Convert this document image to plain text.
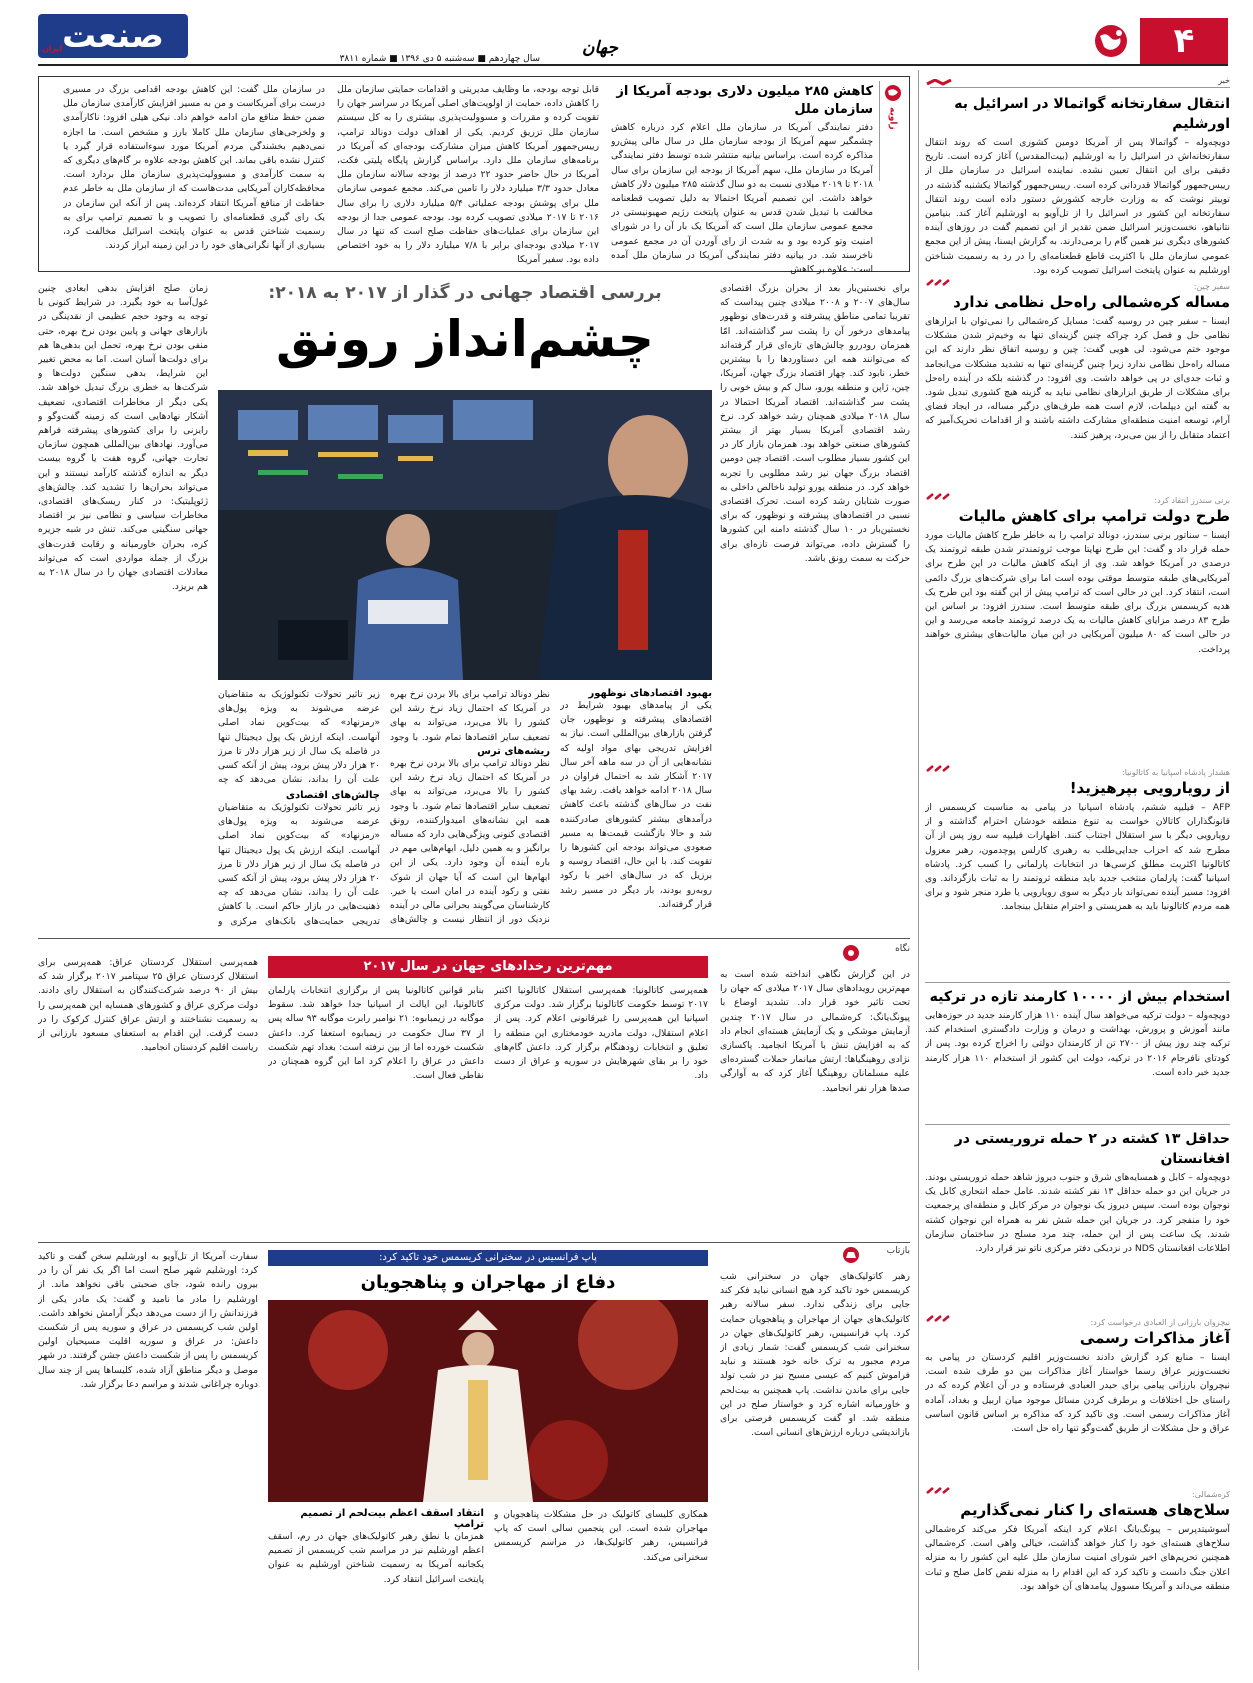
۴
جهان
صنعت
ایران
سال چهاردهم ■ سه‌شنبه ۵ دی ۱۳۹۶ ■ شماره ۳۸۱۱
خبر
انتقال سفارتخانه گواتمالا در اسرائیل به اورشلیم
دویچه‌وله – گواتمالا پس از آمریکا دومین کشوری است که روند انتقال سفارتخانه‌اش در اسرائیل را به اورشلیم (بیت‌المقدس) آغاز کرده است. تاریخ دقیقی برای این انتقال تعیین نشده. نماینده اسرائیل در سازمان ملل از رییس‌جمهور گواتمالا قدردانی کرده است. رییس‌جمهور گواتمالا یکشنبه گذشته در توییتر نوشت که به وزارت خارجه کشورش دستور داده است روند انتقال سفارتخانه این کشور در اسرائیل را از تل‌آویو به اورشلیم آغاز کند. بنیامین نتانیاهو، نخست‌وزیر اسرائیل ضمن تقدیر از این تصمیم گفت در روزهای آینده کشورهای دیگری نیز همین گام را برمی‌دارند. به گزارش ایسنا، پیش از این مجمع عمومی سازمان ملل با اکثریت قاطع قطعنامه‌ای را در رد به رسمیت شناختن اورشلیم به عنوان پایتخت اسرائیل تصویب کرده بود.
سفیر چین:
مساله کره‌شمالی راه‌حل نظامی ندارد
ایسنا – سفیر چین در روسیه گفت: مسایل کره‌شمالی را نمی‌توان با ابزارهای نظامی حل و فصل کرد چراکه چنین گزینه‌ای تنها به وخیم‌تر شدن مشکلات موجود ختم می‌شود. لی هویی گفت: چین و روسیه اتفاق نظر دارند که این مساله راه‌حل نظامی ندارد زیرا چنین گزینه‌ای تنها به تشدید مشکلات می‌انجامد و ثبات جدی‌ای در پی خواهد داشت. وی افزود: در گذشته بلکه در آینده راه‌حل برای مشکلات از طریق ابزارهای نظامی نباید به گزینه هیچ کشوری تبدیل شود. به گفته این دیپلمات، لازم است همه طرف‌های درگیر مساله، در ایجاد فضای آرام، توسعه امنیت منطقه‌ای مشارکت داشته باشند و از اقدامات تحریک‌آمیز که اعتماد متقابل را از بین می‌برد، پرهیز کنند.
برنی سندرز انتقاد کرد:
طرح دولت ترامپ برای کاهش مالیات
ایسنا – سناتور برنی سندرز، دونالد ترامپ را به خاطر طرح کاهش مالیات مورد حمله قرار داد و گفت: این طرح نهایتا موجب ثروتمندتر شدن طبقه ثروتمند یک درصدی در آمریکا خواهد شد. وی از اینکه کاهش مالیات در این طرح برای آمریکایی‌های طبقه متوسط موقتی بوده است اما برای شرکت‌های بزرگ دائمی است، انتقاد کرد. این در حالی است که ترامپ پیش از این گفته بود این طرح یک هدیه کریسمس بزرگ برای طبقه متوسط است. سندرز افزود: بر اساس این طرح ۸۳ درصد مزایای کاهش مالیات به یک درصد ثروتمند جامعه می‌رسد و این در حالی است که ۸۰ میلیون آمریکایی در این میان مالیات‌های بیشتری خواهند پرداخت.
هشدار پادشاه اسپانیا به کاتالونیا:
از رویارویی بپرهیزید!
AFP – فیلیپه ششم، پادشاه اسپانیا در پیامی به مناسبت کریسمس از قانونگذاران کاتالان خواست به تنوع منطقه خودشان احترام گذاشته و از رویارویی دیگر با سرِ استقلال اجتناب کنند. اظهارات فیلیپه سه روز پس از آن مطرح شد که احزاب جدایی‌طلب به رهبری کارلس پوچدمون، رهبر معزول کاتالونیا اکثریت مطلق کرسی‌ها در انتخابات پارلمانی را کسب کرد. پادشاه اسپانیا گفت: پارلمان منتخب جدید باید منطقه ثروتمند را به ثبات بازگرداند. وی افزود: مسیر آینده نمی‌تواند بار دیگر به سوی رویارویی یا طرد منجر شود و برای همه مردم کاتالونیا باید به همزیستی و احترام متقابل بینجامد.
استخدام بیش از ۱۰۰۰۰ کارمند تازه در ترکیه
دویچه‌وله – دولت ترکیه می‌خواهد سال آینده ۱۱۰ هزار کارمند جدید در حوزه‌هایی مانند آموزش و پرورش، بهداشت و درمان و وزارت دادگستری استخدام کند. ترکیه چند روز پیش از ۲۷۰۰ تن از کارمندان دولتی را اخراج کرده بود. پس از کودتای نافرجام ۲۰۱۶ در ترکیه، دولت این کشور از استخدام ۱۱۰ هزار کارمند جدید خبر داده است.
حداقل ۱۳ کشته در ۲ حمله تروریستی در افغانستان
دویچه‌وله – کابل و همسایه‌های شرق و جنوب دیروز شاهد حمله تروریستی بودند. در جریان این دو حمله حداقل ۱۳ نفر کشته شدند. عامل حمله انتحاری کابل یک نوجوان بوده است. سپس دیروز یک نوجوان در مرکز کابل و منطقه‌ای پرجمعیت خود را منفجر کرد. در جریان این حمله شش نفر به همراه این نوجوان کشته شدند. یک ساعت پس از این حمله، چند مرد مسلح در ساختمان سازمان اطلاعات افغانستان NDS در نزدیکی دفتر مرکزی ناتو نیز قرار دارد.
نیچروان بارزانی از العبادی درخواست کرد:
آغاز مذاکرات رسمی
ایسنا – منابع کرد گزارش دادند نخست‌وزیر اقلیم کردستان در پیامی به نخست‌وزیر عراق رسما خواستار آغاز مذاکرات بین دو طرف شده است. نیچروان بارزانی پیامی برای حیدر العبادی فرستاده و در آن اعلام کرده که در راستای حل اختلافات و برطرف کردن مسائل موجود میان اربیل و بغداد، آماده آغاز مذاکرات رسمی است. وی تاکید کرد که مذاکره بر اساس قانون اساسی عراق و حل مشکلات از طریق گفت‌وگو تنها راه حل است.
کره‌شمالی:
سلاح‌های هسته‌ای را کنار نمی‌گذاریم
آسوشیتدپرس – پیونگ‌یانگ اعلام کرد اینکه آمریکا فکر می‌کند کره‌شمالی سلاح‌های هسته‌ای خود را کنار خواهد گذاشت، خیالی واهی است. کره‌شمالی همچنین تحریم‌های اخیر شورای امنیت سازمان ملل علیه این کشور را به منزله اعلان جنگ دانست و تاکید کرد که این اقدام را به منزله نقض کامل صلح و ثبات منطقه می‌داند و آمریکا مسوول پیامدهای آن خواهد بود.
زاویه
کاهش ۲۸۵ میلیون دلاری بودجه آمریکا از سازمان ملل
دفتر نمایندگی آمریکا در سازمان ملل اعلام کرد درباره کاهش چشمگیر سهم آمریکا از بودجه سازمان ملل در سال مالی پیش‌رو مذاکره کرده است. براساس بیانیه منتشر شده توسط دفتر نمایندگی آمریکا در سازمان ملل، سهم آمریکا از بودجه این سازمان برای سال ۲۰۱۸ تا ۲۰۱۹ میلادی نسبت به دو سال گذشته ۲۸۵ میلیون دلار کاهش خواهد داشت. این تصمیم آمریکا احتمالا به دلیل تصویب قطعنامه مخالفت با تبدیل شدن قدس به عنوان پایتخت رژیم صهیونیستی در مجمع عمومی سازمان ملل است که آمریکا یک بار آن را در شورای امنیت وتو کرده بود و به شدت از رای آوردن آن در مجمع عمومی ناخرسند شد. در بیانیه دفتر نمایندگی آمریکا در سازمان ملل آمده است: علاوه بر کاهش
قابل توجه بودجه، ما وظایف مدیریتی و اقدامات حمایتی سازمان ملل را کاهش داده، حمایت از اولویت‌های اصلی آمریکا در سراسر جهان را تقویت کرده و مقررات و مسوولیت‌پذیری بیشتری را به کل سیستم سازمان ملل تزریق کردیم. یکی از اهداف دولت دونالد ترامپ، رییس‌جمهور آمریکا کاهش میزان مشارکت بودجه‌ای که آمریکا در برنامه‌های سازمان ملل دارد. براساس گزارش پایگاه پلیتی فکت، آمریکا در حال حاضر حدود ۲۲ درصد از بودجه سالانه سازمان ملل معادل حدود ۳/۳ میلیارد دلار را تامین می‌کند. مجمع عمومی سازمان ملل برای پوشش بودجه عملیاتی ۵/۴ میلیارد دلاری را برای سال ۲۰۱۶ تا ۲۰۱۷ میلادی تصویب کرده بود. بودجه عمومی جدا از بودجه این سازمان برای عملیات‌های حفاظت صلح است که تنها در سال ۲۰۱۷ میلادی بودجه‌ای برابر با ۷/۸ میلیارد دلار را به خود اختصاص داده بود. سفیر آمریکا
در سازمان ملل گفت: این کاهش بودجه اقدامی بزرگ در مسیری درست برای آمریکاست و من به مسیر افزایش کارآمدی سازمان ملل ضمن حفظ منافع مان ادامه خواهم داد. نیکی هیلی افزود: ناکارآمدی و ولخرجی‌های سازمان ملل کاملا بارز و مشخص است. ما اجازه نمی‌دهیم بخشندگی مردم آمریکا مورد سوءاستفاده قرار گیرد یا کنترل نشده باقی بماند. این کاهش بودجه علاوه بر گام‌های دیگری که به سمت کارآمدی و مسوولیت‌پذیری سازمان ملل بردارد است. محافظه‌کاران آمریکایی مدت‌هاست که از سازمان ملل به خاطر عدم حفاظت از منافع آمریکا انتقاد کرده‌اند. پس از آنکه این سازمان در یک رای گیری قطعنامه‌ای را تصویب و با تصمیم ترامپ برای به رسمیت شناختن قدس به عنوان پایتخت اسرائیل مخالفت کرد، بسیاری از آنها نگرانی‌های خود را در این زمینه ابراز کردند.
برای نخستین‌بار بعد از بحران بزرگ اقتصادی سال‌های ۲۰۰۷ و ۲۰۰۸ میلادی چنین پیداست که تقریبا تمامی مناطق پیشرفته و قدرت‌های نوظهور پیامدهای درخور آن را پشت سر گذاشته‌اند. امّا همزمان رودررو چالش‌های تازه‌ای قرار گرفته‌اند که می‌توانند همه این دستاوردها را با بیشترین خطر، نابود کند. چهار اقتصاد بزرگ جهان، آمریکا، چین، ژاپن و منطقه یورو، سال کم و بیش خوبی را پشت سر گذاشته‌اند. اقتصاد آمریکا احتمالا در سال ۲۰۱۸ میلادی همچنان رشد خواهد کرد. نرخ رشد اقتصادی آمریکا بسیار بهتر از بیشتر کشورهای صنعتی خواهد بود. همزمان بازار کار در این کشور بسیار مطلوب است. اقتصاد چین دومین اقتصاد بزرگ جهان نیز رشد مطلوبی را تجربه خواهد کرد. در منطقه یورو تولید ناخالص داخلی به صورت شتابان رشد کرده است. تحرک اقتصادی نسبی در اقتصادهای پیشرفته و نوظهور، که برای نخستین‌بار در ۱۰ سال گذشته دامنه این کشورها را گسترش داده، می‌تواند فرصت تازه‌ای برای حرکت به سمت رونق باشد.
زمان صلح افزایش بدهی ابعادی چنین غول‌آسا به خود بگیرد. در شرایط کنونی با توجه به وجود حجم عظیمی از نقدینگی در بازارهای جهانی و پایین بودن نرخ بهره، حتی منفی بودن نرخ بهره، تحمل این بدهی‌ها هم برای دولت‌ها آسان است. اما به محض تغییر این شرایط، بدهی سنگین دولت‌ها و شرکت‌ها به خطری بزرگ تبدیل خواهد شد. یکی دیگر از مخاطرات اقتصادی، تضعیف آشکار نهادهایی است که زمینه گفت‌وگو و رایزنی را برای کشورهای پیشرفته فراهم می‌آورد. نهادهای بین‌المللی همچون سازمان تجارت جهانی، گروه هفت یا گروه بیست دیگر به اندازه گذشته کارآمد نیستند و این می‌تواند بحران‌ها را تشدید کند. چالش‌های ژئوپلیتیک: در کنار ریسک‌های اقتصادی، مخاطرات سیاسی و نظامی نیز بر اقتصاد جهانی سنگینی می‌کند. تنش در شبه جزیره کره، بحران خاورمیانه و رقابت قدرت‌های بزرگ از جمله مواردی است که می‌تواند معادلات اقتصادی جهان را در سال ۲۰۱۸ به هم بریزد.
بررسی اقتصاد جهانی در گذار از ۲۰۱۷ به ۲۰۱۸:
چشم‌انداز رونق
بهبود اقتصادهای نوظهور
یکی از پیامدهای بهبود شرایط در اقتصادهای پیشرفته و نوظهور، جان گرفتن بازارهای بین‌المللی است. نیاز به افزایش تدریجی بهای مواد اولیه که نشانه‌هایی از آن در سه ماهه آخر سال ۲۰۱۷ آشکار شد به احتمال فراوان در سال ۲۰۱۸ ادامه خواهد یافت. رشد بهای نفت در سال‌های گذشته باعث کاهش درآمدهای بیشتر کشورهای صادرکننده شد و حالا بازگشت قیمت‌ها به مسیر صعودی می‌تواند بودجه این کشورها را تقویت کند. با این حال، اقتصاد روسیه و برزیل که در سال‌های اخیر با رکود روبه‌رو بودند، بار دیگر در مسیر رشد قرار گرفته‌اند.
نظر دونالد ترامپ برای بالا بردن نرخ بهره در آمریکا که احتمال زیاد نرخ رشد این کشور را بالا می‌برد، می‌تواند به بهای تضعیف سایر اقتصادها تمام شود. با وجود
ریشه‌های ترس
نظر دونالد ترامپ برای بالا بردن نرخ بهره در آمریکا که احتمال زیاد نرخ رشد این کشور را بالا می‌برد، می‌تواند به بهای تضعیف سایر اقتصادها تمام شود. با وجود همه این نشانه‌های امیدوارکننده، رونق اقتصادی کنونی ویژگی‌هایی دارد که مساله برانگیز و به همین دلیل، ابهام‌هایی مهم در باره آینده آن وجود دارد. یکی از این ابهام‌ها این است که آیا جهان از شوک نفتی و رکود آینده در امان است یا خیر. کارشناسان می‌گویند بحرانی مالی در آینده نزدیک دور از انتظار نیست و چالش‌های
زیر تاثیر تحولات تکنولوژیک به متقاضیان عرضه می‌شوند به ویژه پول‌های «رمزنهاد» که بیت‌کوین نماد اصلی آنهاست. اینکه ارزش یک پول دیجیتال تنها در فاصله یک سال از زیر هزار دلار تا مرز ۲۰ هزار دلار پیش برود، پیش از آنکه کسی علت آن را بداند، نشان می‌دهد که چه
چالش‌های اقتصادی
زیر تاثیر تحولات تکنولوژیک به متقاضیان عرضه می‌شوند به ویژه پول‌های «رمزنهاد» که بیت‌کوین نماد اصلی آنهاست. اینکه ارزش یک پول دیجیتال تنها در فاصله یک سال از زیر هزار دلار تا مرز ۲۰ هزار دلار پیش برود، پیش از آنکه کسی علت آن را بداند، نشان می‌دهد که چه ذهنیت‌هایی در بازار حاکم است. با کاهش تدریجی حمایت‌های بانک‌های مرکزی و
نگاه
مهم‌ترین رخدادهای جهان در سال ۲۰۱۷
در این گزارش نگاهی انداخته شده است به مهم‌ترین رویدادهای سال ۲۰۱۷ میلادی که جهان را تحت تاثیر خود قرار داد. تشدید اوضاع با پیونگ‌یانگ: کره‌شمالی در سال ۲۰۱۷ چندین آزمایش موشکی و یک آزمایش هسته‌ای انجام داد که به افزایش تنش با آمریکا انجامید. پاکسازی نژادی روهینگیاها: ارتش میانمار حملات گسترده‌ای علیه مسلمانان روهینگیا آغاز کرد که به آوارگی صدها هزار نفر انجامید.
همه‌پرسی کاتالونیا: همه‌پرسی استقلال کاتالونیا اکتبر ۲۰۱۷ توسط حکومت کاتالونیا برگزار شد. دولت مرکزی اسپانیا این همه‌پرسی را غیرقانونی اعلام کرد. پس از اعلام استقلال، دولت مادرید خودمختاری این منطقه را تعلیق و انتخابات زودهنگام برگزار کرد. داعش گام‌های خود را بر بقای شهرهایش در سوریه و عراق از دست داد.
بنابر قوانین کاتالونیا پس از برگزاری انتخابات پارلمان کاتالونیا، این ایالت از اسپانیا جدا خواهد شد. سقوط موگابه در زیمبابوه: ۲۱ نوامبر رابرت موگابه ۹۳ ساله پس از ۳۷ سال حکومت در زیمبابوه استعفا کرد. داعش شکست خورده اما از بین نرفته است: بغداد تهم شکست داعش در عراق را اعلام کرد اما این گروه همچنان در نقاطی فعال است.
همه‌پرسی استقلال کردستان عراق: همه‌پرسی برای استقلال کردستان عراق ۲۵ سپتامبر ۲۰۱۷ برگزار شد که بیش از ۹۰ درصد شرکت‌کنندگان به استقلال رای دادند. دولت مرکزی عراق و کشورهای همسایه این همه‌پرسی را به رسمیت نشناختند و ارتش عراق کنترل کرکوک را در دست گرفت. این اقدام به استعفای مسعود بارزانی از ریاست اقلیم کردستان انجامید.
بازتاب
پاپ فرانسیس در سخنرانی کریسمس خود تاکید کرد:
دفاع از مهاجران و پناهجویان	رهبر کاتولیک‌های جهان در سخنرانی شب کریسمس خود تاکید کرد هیچ انسانی نباید فکر کند جایی برای زندگی ندارد. سفر سالانه رهبر کاتولیک‌های جهان از مهاجران و پناهجویان حمایت کرد. پاپ فرانسیس، رهبر کاتولیک‌های جهان در سخنرانی شب کریسمس گفت: شمار زیادی از مردم مجبور به ترک خانه خود هستند و نباید فراموش کنیم که عیسی مسیح نیز در شب تولد جایی برای ماندن نداشت. پاپ همچنین به بیت‌لحم و خاورمیانه اشاره کرد و خواستار صلح در این منطقه شد. او گفت کریسمس فرصتی برای بازاندیشی درباره ارزش‌های انسانی است.
همکاری کلیسای کاتولیک در حل مشکلات پناهجویان و مهاجران شده است. این پنجمین سالی است که پاپ فرانسیس، رهبر کاتولیک‌ها، در مراسم کریسمس سخنرانی می‌کند.
انتقاد اسقف اعظم بیت‌لحم از تصمیم ترامپ
همزمان با نطق رهبر کاتولیک‌های جهان در رم، اسقف اعظم اورشلیم نیز در مراسم شب کریسمس از تصمیم یکجانبه آمریکا به رسمیت شناختن اورشلیم به عنوان پایتخت اسرائیل انتقاد کرد.
سفارت آمریکا از تل‌آویو به اورشلیم سخن گفت و تاکید کرد: اورشلیم شهر صلح است اما اگر یک نفر آن را در بیرون رانده شود، جای صحبتی باقی نخواهد ماند. از اورشلیم را مادر ما نامید و گفت: یک مادر یکی از فرزندانش را از دست می‌دهد دیگر آرامش نخواهد داشت. اولین شب کریسمس در عراق و سوریه پس از شکست داعش: در عراق و سوریه اقلیت مسیحیان اولین کریسمس را پس از شکست داعش جشن گرفتند. در شهر موصل و دیگر مناطق آزاد شده، کلیساها پس از چند سال دوباره چراغانی شدند و مراسم دعا برگزار شد.
